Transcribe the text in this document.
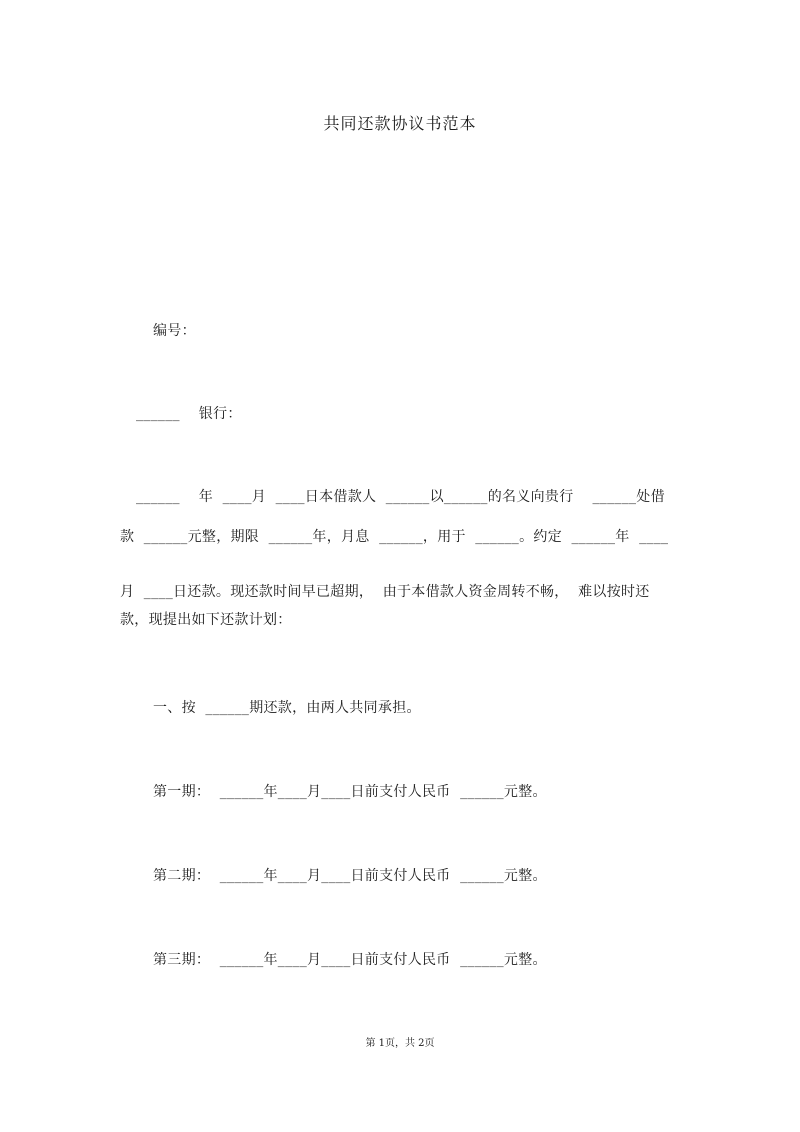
共同还款协议书范本
编号：
______    银行：
______    年  ____月  ____日本借款人  ______以______的名义向贵行    ______处借
款  ______元整，期限  ______年，月息  ______，用于  ______。约定  ______年  ____
月  ____日还款。现还款时间早已超期，  由于本借款人资金周转不畅，  难以按时还
款，现提出如下还款计划：
一、按  ______期还款，由两人共同承担。
第一期：  ______年____月____日前支付人民币  ______元整。
第二期：  ______年____月____日前支付人民币  ______元整。
第三期：  ______年____月____日前支付人民币  ______元整。
第 1页，共 2页
